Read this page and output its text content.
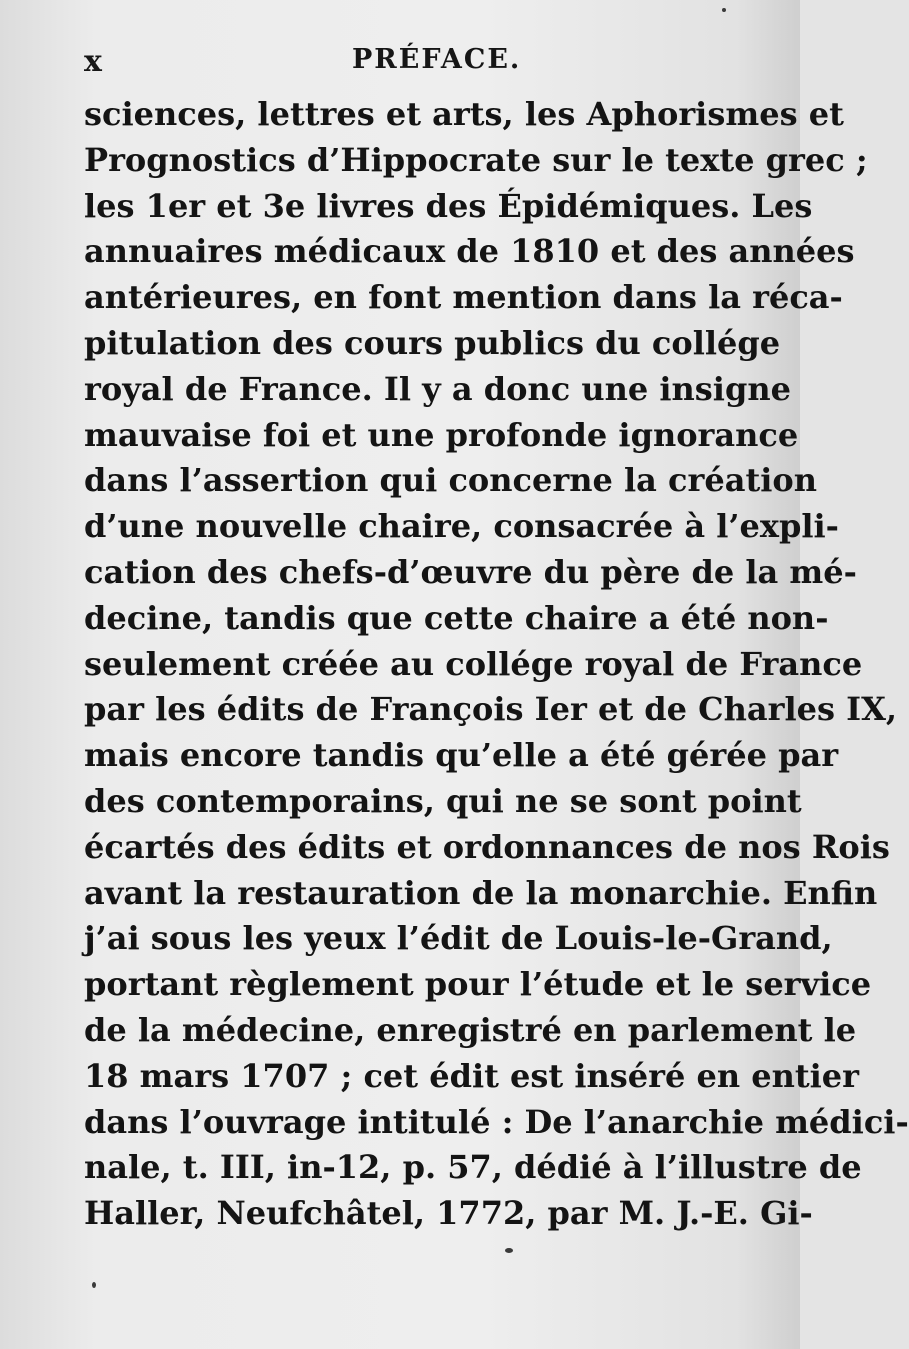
x	PRÉFACE.
sciences, lettres et arts, les Aphorismes et
Prognostics d’Hippocrate sur le texte grec ;
les 1er et 3e livres des Épidémiques. Les
annuaires médicaux de 1810 et des années
antérieures, en font mention dans la réca-
pitulation des cours publics du collége
royal de France. Il y a donc une insigne
mauvaise foi et une profonde ignorance
dans l’assertion qui concerne la création
d’une nouvelle chaire, consacrée à l’expli-
cation des chefs-d’œuvre du père de la mé-
decine, tandis que cette chaire a été non-
seulement créée au collége royal de France
par les édits de François Ier et de Charles IX,
mais encore tandis qu’elle a été gérée par
des contemporains, qui ne se sont point
écartés des édits et ordonnances de nos Rois
avant la restauration de la monarchie. Enfin
j’ai sous les yeux l’édit de Louis-le-Grand,
portant règlement pour l’étude et le service
de la médecine, enregistré en parlement le
18 mars 1707 ; cet édit est inséré en entier
dans l’ouvrage intitulé : De l’anarchie médici-
nale, t. III, in-12, p. 57, dédié à l’illustre de
Haller, Neufchâtel, 1772, par M. J.-E. Gi-
